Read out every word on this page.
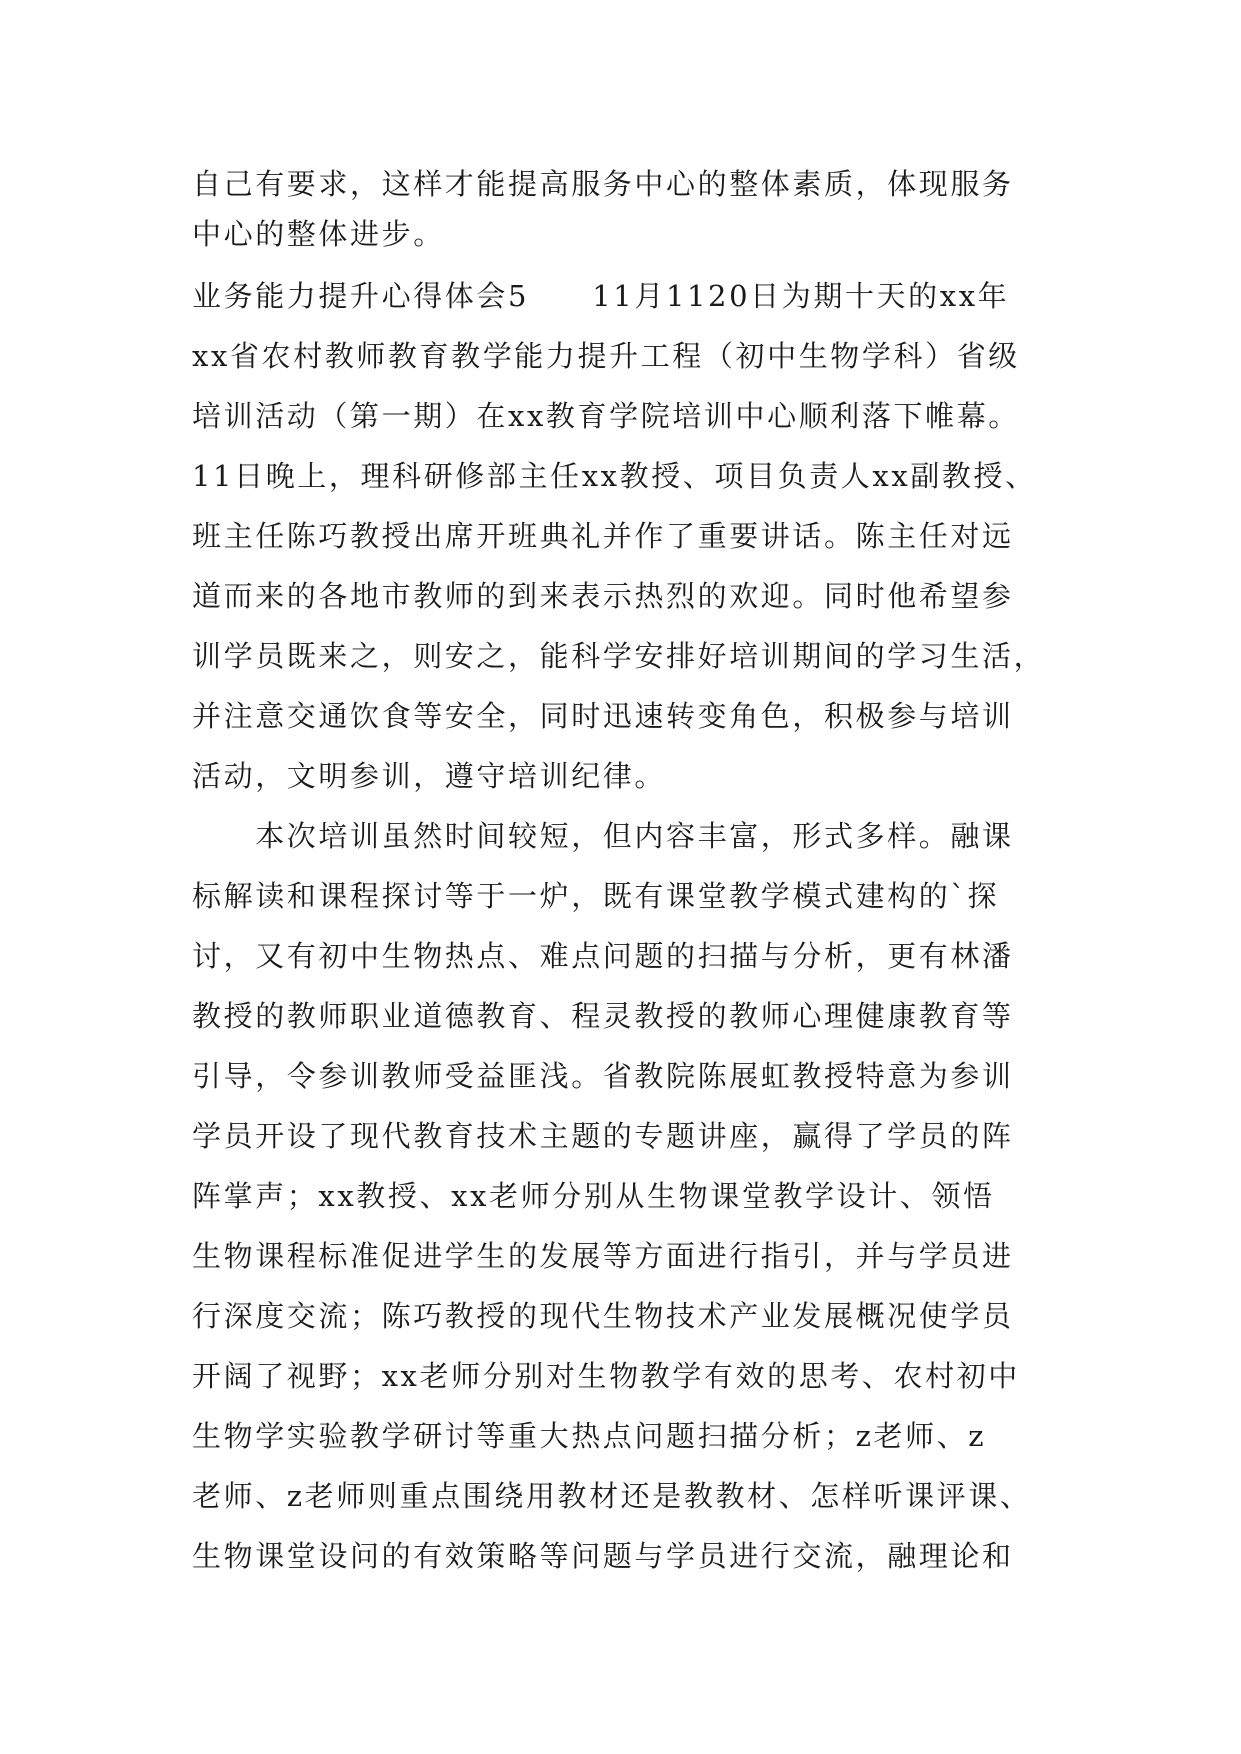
自己有要求，这样才能提高服务中心的整体素质，体现服务
中心的整体进步。
业务能力提升心得体会5　　11月1120日为期十天的xx年
xx省农村教师教育教学能力提升工程（初中生物学科）省级
培训活动（第一期）在xx教育学院培训中心顺利落下帷幕。
11日晚上，理科研修部主任xx教授、项目负责人xx副教授、
班主任陈巧教授出席开班典礼并作了重要讲话。陈主任对远
道而来的各地市教师的到来表示热烈的欢迎。同时他希望参
训学员既来之，则安之，能科学安排好培训期间的学习生活，
并注意交通饮食等安全，同时迅速转变角色，积极参与培训
活动，文明参训，遵守培训纪律。
　　本次培训虽然时间较短，但内容丰富，形式多样。融课
标解读和课程探讨等于一炉，既有课堂教学模式建构的`探
讨，又有初中生物热点、难点问题的扫描与分析，更有林潘
教授的教师职业道德教育、程灵教授的教师心理健康教育等
引导，令参训教师受益匪浅。省教院陈展虹教授特意为参训
学员开设了现代教育技术主题的专题讲座，赢得了学员的阵
阵掌声；xx教授、xx老师分别从生物课堂教学设计、领悟
生物课程标准促进学生的发展等方面进行指引，并与学员进
行深度交流；陈巧教授的现代生物技术产业发展概况使学员
开阔了视野；xx老师分别对生物教学有效的思考、农村初中
生物学实验教学研讨等重大热点问题扫描分析；z老师、z
老师、z老师则重点围绕用教材还是教教材、怎样听课评课、
生物课堂设问的有效策略等问题与学员进行交流，融理论和
